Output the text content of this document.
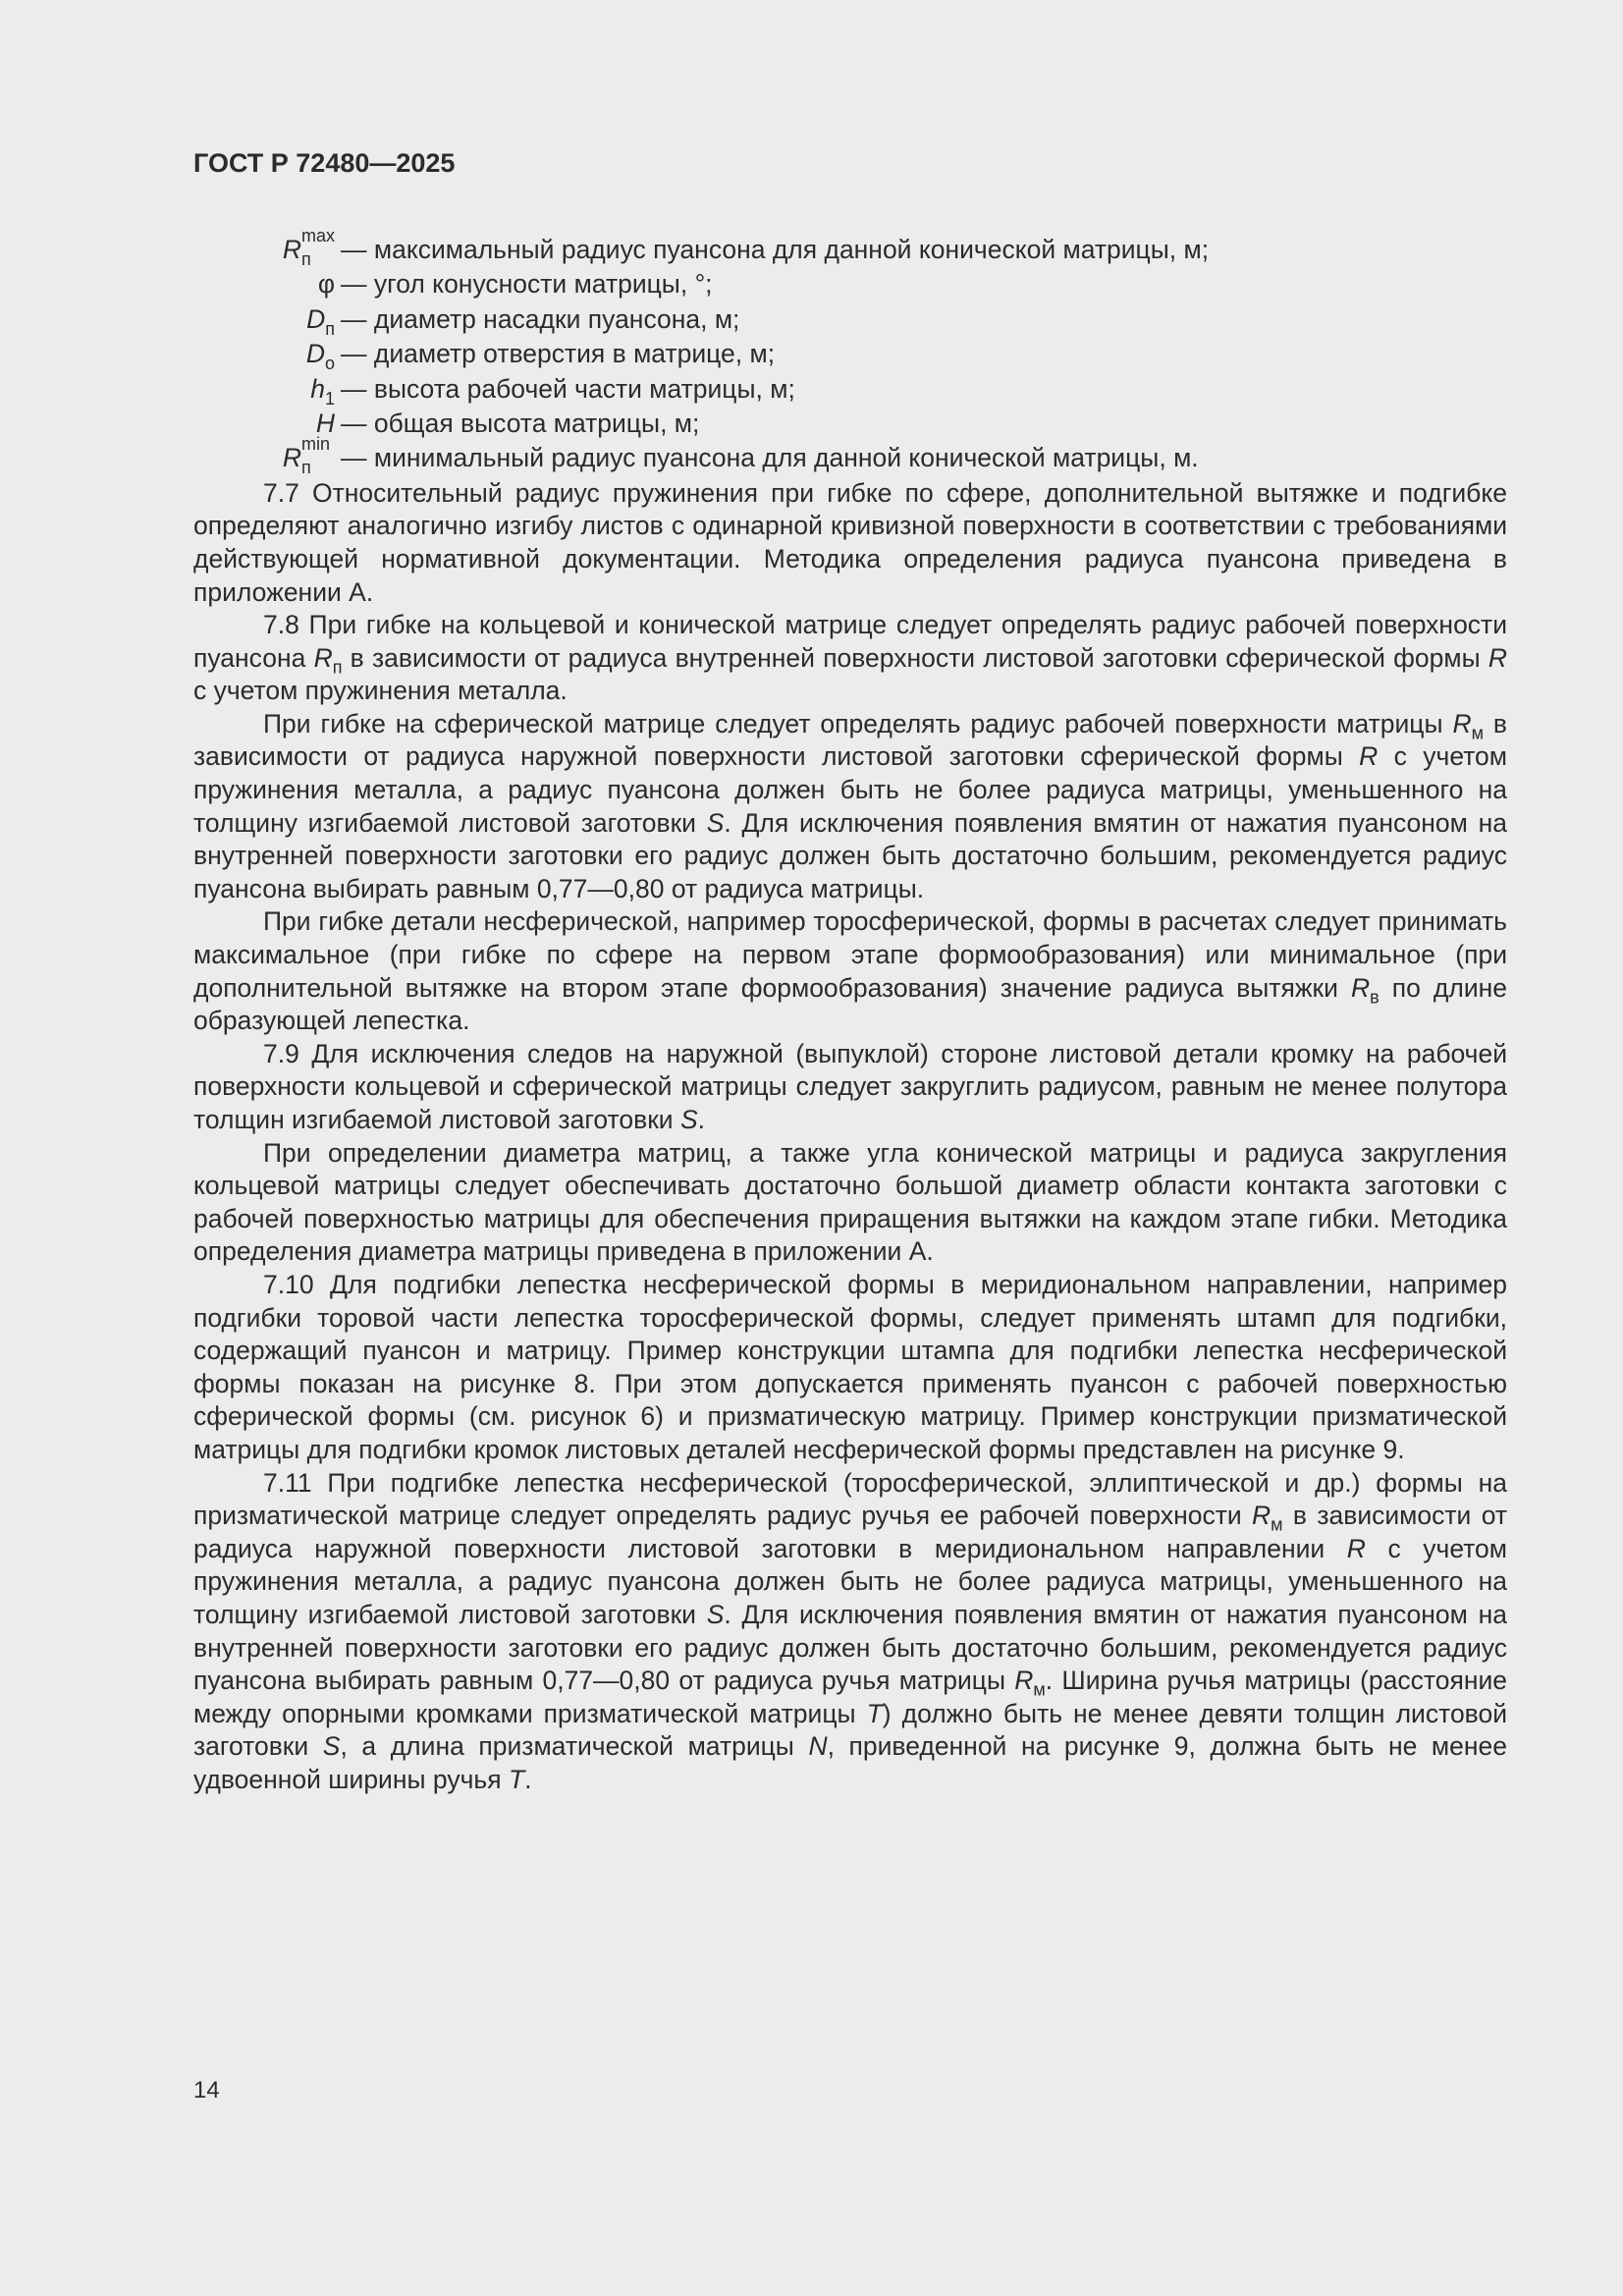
ГОСТ Р 72480—2025
R max
п — максимальный радиус пуансона для данной конической матрицы, м;
φ — угол конусности матрицы, °;
$D_п$ — диаметр насадки пуансона, м;
$D_о$ — диаметр отверстия в матрице, м;
$h_1$ — высота рабочей части матрицы, м;
H — общая высота матрицы, м;
R min
п — минимальный радиус пуансона для данной конической матрицы, м.

7.7 Относительный радиус пружинения при гибке по сфере, дополнительной вытяжке и подгибке определяют аналогично изгибу листов с одинарной кривизной поверхности в соответствии с требованиями действующей нормативной документации. Методика определения радиуса пуансона приведена в приложении А.

7.8 При гибке на кольцевой и конической матрице следует определять радиус рабочей поверхности пуансона $R_п$ в зависимости от радиуса внутренней поверхности листовой заготовки сферической формы R с учетом пружинения металла.

При гибке на сферической матрице следует определять радиус рабочей поверхности матрицы $R_м$ в зависимости от радиуса наружной поверхности листовой заготовки сферической формы R с учетом пружинения металла, а радиус пуансона должен быть не более радиуса матрицы, уменьшенного на толщину изгибаемой листовой заготовки S. Для исключения появления вмятин от нажатия пуансоном на внутренней поверхности заготовки его радиус должен быть достаточно большим, рекомендуется радиус пуансона выбирать равным 0,77—0,80 от радиуса матрицы.

При гибке детали несферической, например торосферической, формы в расчетах следует принимать максимальное (при гибке по сфере на первом этапе формообразования) или минимальное (при дополнительной вытяжке на втором этапе формообразования) значение радиуса вытяжки $R_в$ по длине образующей лепестка.

7.9 Для исключения следов на наружной (выпуклой) стороне листовой детали кромку на рабочей поверхности кольцевой и сферической матрицы следует закруглить радиусом, равным не менее полутора толщин изгибаемой листовой заготовки S.

При определении диаметра матриц, а также угла конической матрицы и радиуса закругления кольцевой матрицы следует обеспечивать достаточно большой диаметр области контакта заготовки с рабочей поверхностью матрицы для обеспечения приращения вытяжки на каждом этапе гибки. Методика определения диаметра матрицы приведена в приложении А.

7.10 Для подгибки лепестка несферической формы в меридиональном направлении, например подгибки торовой части лепестка торосферической формы, следует применять штамп для подгибки, содержащий пуансон и матрицу. Пример конструкции штампа для подгибки лепестка несферической формы показан на рисунке 8. При этом допускается применять пуансон с рабочей поверхностью сферической формы (см. рисунок 6) и призматическую матрицу. Пример конструкции призматической матрицы для подгибки кромок листовых деталей несферической формы представлен на рисунке 9.

7.11 При подгибке лепестка несферической (торосферической, эллиптической и др.) формы на призматической матрице следует определять радиус ручья ее рабочей поверхности $R_м$ в зависимости от радиуса наружной поверхности листовой заготовки в меридиональном направлении R с учетом пружинения металла, а радиус пуансона должен быть не более радиуса матрицы, уменьшенного на толщину изгибаемой листовой заготовки S. Для исключения появления вмятин от нажатия пуансоном на внутренней поверхности заготовки его радиус должен быть достаточно большим, рекомендуется радиус пуансона выбирать равным 0,77—0,80 от радиуса ручья матрицы $R_м$. Ширина ручья матрицы (расстояние между опорными кромками призматической матрицы T) должно быть не менее девяти толщин листовой заготовки S, а длина призматической матрицы N, приведенной на рисунке 9, должна быть не менее удвоенной ширины ручья T.

14
